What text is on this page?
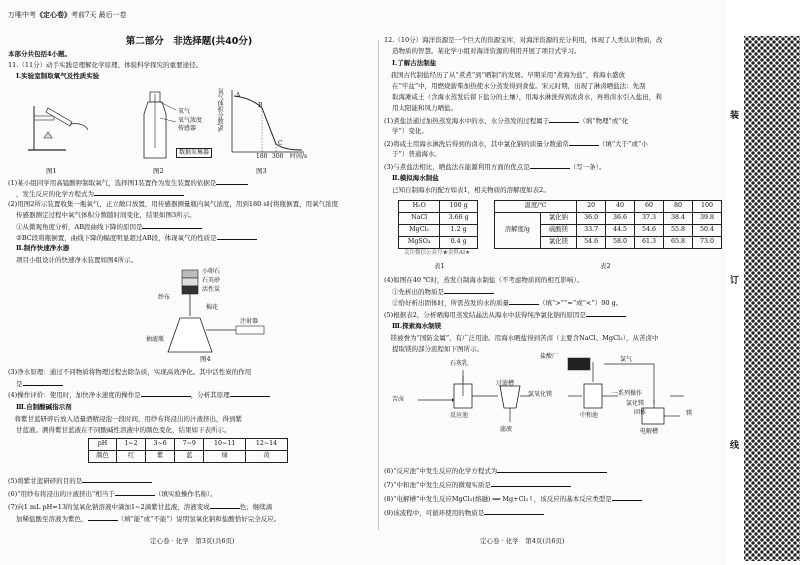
装
订
线
万唯中考《定心卷》考前7天 最后一卷
第二部分　非选择题(共40分)
本部分共包括4小题。
11.（11分）动手实践是理解化学原理、体验科学探究的重要途径。
Ⅰ.实验室制取氧气及性质实验
图1
氧气
氧气浓度
传感器
数据采集器
图2
氧气体积分数/% A
B
C
180 300 时间/s
图3
(1)某小组同学用高锰酸钾制取氧气，选择图1装置作为发生装置的依据是
，发生反应的化学方程式为
(2)用图2所示装置收集一瓶氧气，正立敞口放置，用传感器测量瓶内氧气浓度，用到180 s时将瓶倒置，用氧气浓度
传感器测定过程中氧气体积分数随时间变化，结果如图3所示。
①从微观角度分析，AB段曲线下降的原因是
②BC段将瓶倒置，曲线下降的幅度明显超过AB段，体现氧气的性质是
Ⅱ.制作快速净水器
项目小组设计的快速净水装置如图4所示。
小卵石
石英砂
活性炭
纱布
棉花
注射器
抽滤瓶
图4
(3)净水原理：通过不同物质将物理过程去除杂质，实现高效净化。其中活性炭的作用
是
(4)操作评价：使用时，加快净水速度的操作是	，分析其原理
Ⅲ.自制酸碱指示剂
　将紫甘蓝研碎后放入适量酒精浸泡一段时间，用纱布将浸出的汁液挤出，得到紫
甘蓝液。测得紫甘蓝液在不同酸碱性溶液中的颜色变化，结果如下表所示。
pH	1~2	3~6	7~9	10~11	12~14
颜色	红	紫	蓝	绿	黄
(5)将紫甘蓝研碎的目的是
(6)“用纱布将浸出的汁液挤出”相当于	（填实验操作名称）。
(7)向1 mL pH=13的氢氧化钠溶液中滴加1~2滴紫甘蓝液，溶液变成	色；继续滴
加稀盐酸至溶液为紫色，	（填“能”或“不能”）说明氢氧化钠和盐酸恰好完全反应。
定心卷 · 化学　第3页(共6页)
12.（10分）海洋资源是一个巨大的资源宝库，对海洋资源的充分利用，体现了人类认识物质，改
造物质的智慧。某化学小组对海洋资源的利用开展了项目式学习。
Ⅰ.了解古法制盐
　我国古代制盐经历了从“煮煮”到“晒制”的发展。早期采用“煮海为盐”，将海水盛放
在“牢盆”中，用燃烧薪柴加热使水分蒸发得到食盐。宋元时期，出现了淋卤晒盐法：先刮
取海滩咸土（含海水蒸发后留下盐分的土壤），用海水淋洗得到浓卤水，再将卤水引入盐田，利
用太阳能和风力晒盐。
(1)煮盐法通过加热蒸发海水中的水，水分蒸发的过程属于	（填“物理”或“化
学”）变化。
(2)将咸土用海水淋洗后得到的卤水，其中氯化钠的质量分数通常	（填“大于”或“小
于”）普通海水。
(3)与煮盐法相比，晒盐法在能源利用方面的优点是	（写一条）。
Ⅱ.模拟海水制盐
已知自制海水的配方如表1，相关物质的溶解度如表2。
H₂O	100 g
NaCl	3.66 g
MgCl₂	1.2 g
MgSO₄	0.4 g
关注微信公众号★金科AI★
表1
温度/℃		20	40	60	80	100
溶解度/g	氯化钠	36.0	36.6	37.3	38.4	39.8
	硫酸镁	33.7	44.5	54.6	55.8	50.4
	氯化镁	54.6	58.0	61.3	65.8	73.0
表2
(4)如图在40 ℃时，蒸发自制海水制盐（不考虑物质间的相互影响）。
①先析出的物质是
②恰好析出固体时，所需蒸发的水的质量	（填“>”“=”或“<”）90 g。
(5)根据表2，分析晒海用蒸发结晶法从海水中获得纯净氯化钠的原因是
Ⅲ.探索海水制镁
　镁被誉为“国防金属”，有广泛用途。用海水晒盐得到苦卤（主要含NaCl、MgCl₂），从苦卤中
提取镁的部分流程如下图所示。
石灰乳
盐酸厂	氯气
苦卤
过滤槽
氢氧化镁	一系列操作
氯化镁
固体	镁
反应池	中和池
电解槽
滤液
(6)“反应池”中发生反应的化学方程式为
(7)“中和池”中发生反应的微观实质是
(8)“电解槽”中发生反应MgCl₂(熔融) ══ Mg+Cl₂↑，该反应的基本反应类型是
(9)该流程中，可循环使用的物质是
定心卷 · 化学　第4页(共6页)
